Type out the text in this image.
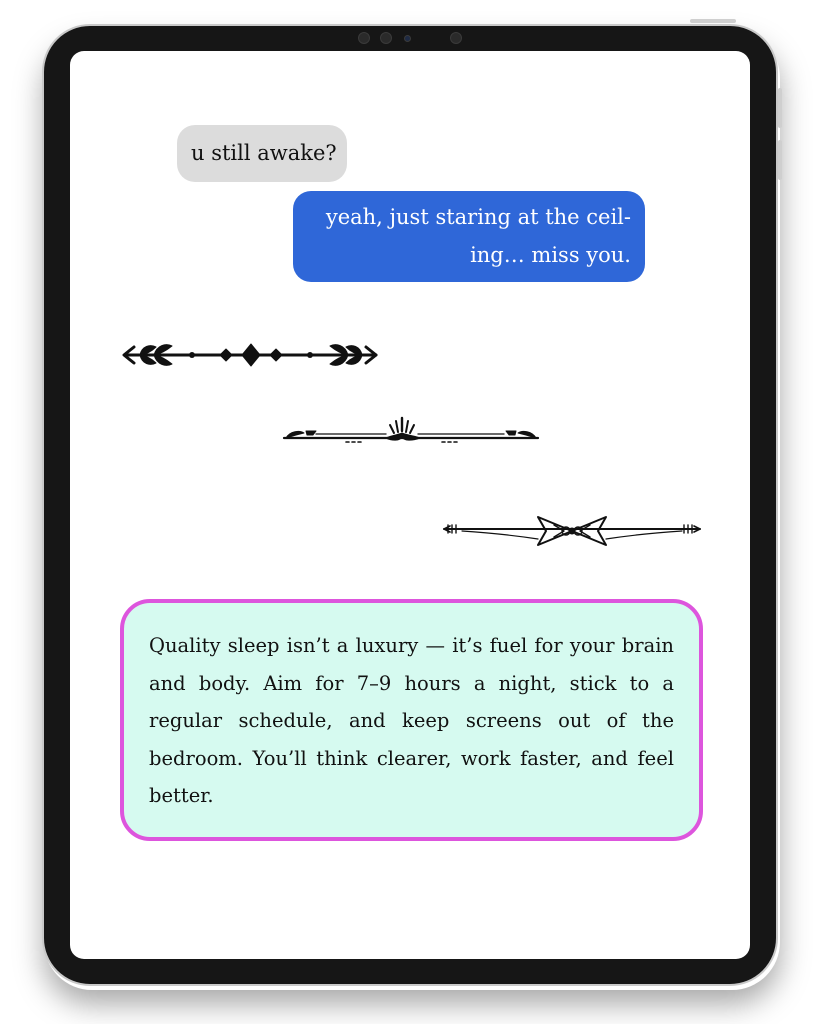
u still awake?
yeah, just staring at the ceil- ing… miss you.

Quality sleep isn’t a luxury — it’s fuel for your brain and body. Aim for 7–9 hours a night, stick to a regular schedule, and keep screens out of the bedroom. You’ll think clearer, work faster, and feel better.
